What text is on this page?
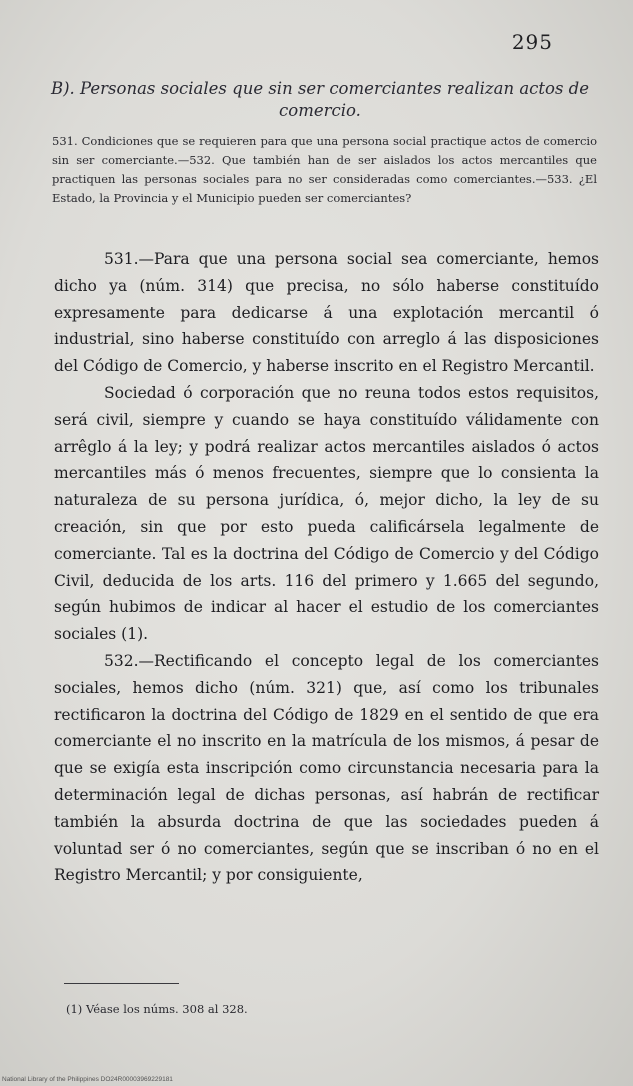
295
B). Personas sociales que sin ser comerciantes realizan actos de comercio.
531. Condiciones que se requieren para que una persona social practique actos de comercio sin ser comerciante.—532. Que también han de ser aislados los actos mercantiles que practiquen las personas sociales para no ser consideradas como comerciantes.—533. ¿El Estado, la Provincia y el Municipio pueden ser comerciantes?

531.—Para que una persona social sea comerciante, hemos dicho ya (núm. 314) que precisa, no sólo haberse constituído expresamente para dedicarse á una explotación mercantil ó industrial, sino haberse constituído con arreglo á las disposiciones del Código de Comercio, y haberse inscrito en el Registro Mercantil.

Sociedad ó corporación que no reuna todos estos requisitos, será civil, siempre y cuando se haya constituído válidamente con arrêglo á la ley; y podrá realizar actos mercantiles aislados ó actos mercantiles más ó menos frecuentes, siempre que lo consienta la naturaleza de su persona jurídica, ó, mejor dicho, la ley de su creación, sin que por esto pueda calificársela legalmente de comerciante. Tal es la doctrina del Código de Comercio y del Código Civil, deducida de los arts. 116 del primero y 1.665 del segundo, según hubimos de indicar al hacer el estudio de los comerciantes sociales (1).

532.—Rectificando el concepto legal de los comerciantes sociales, hemos dicho (núm. 321) que, así como los tribunales rectificaron la doctrina del Código de 1829 en el sentido de que era comerciante el no inscrito en la matrícula de los mismos, á pesar de que se exigía esta inscripción como circunstancia necesaria para la determinación legal de dichas personas, así habrán de rectificar también la absurda doctrina de que las sociedades pueden á voluntad ser ó no comerciantes, según que se inscriban ó no en el Registro Mercantil; y por consiguiente,

(1) Véase los núms. 308 al 328.
National Library of the Philippines DO24R00003969229181
